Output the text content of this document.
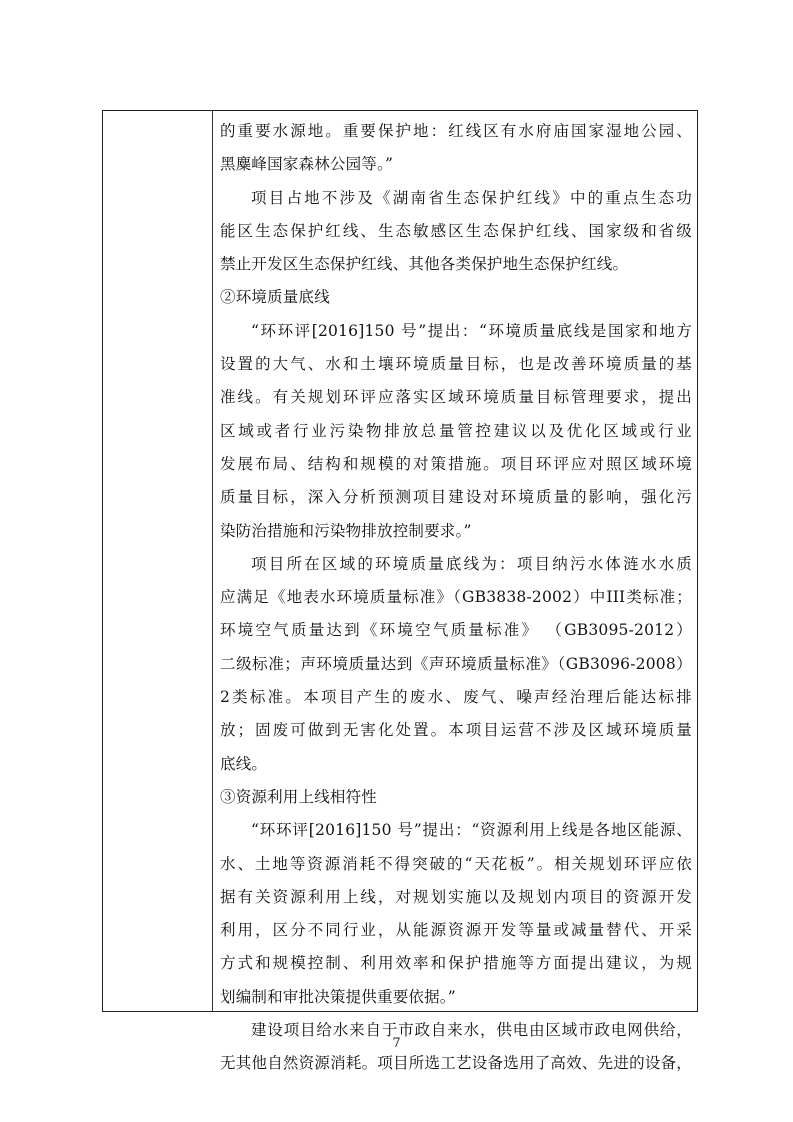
的重要水源地。重要保护地：红线区有水府庙国家湿地公园、
黑麋峰国家森林公园等。”
项目占地不涉及《湖南省生态保护红线》中的重点生态功
能区生态保护红线、生态敏感区生态保护红线、国家级和省级
禁止开发区生态保护红线、其他各类保护地生态保护红线。
②环境质量底线
“环环评[2016]150 号”提出：“环境质量底线是国家和地方
设置的大气、水和土壤环境质量目标，也是改善环境质量的基
准线。有关规划环评应落实区域环境质量目标管理要求，提出
区域或者行业污染物排放总量管控建议以及优化区域或行业
发展布局、结构和规模的对策措施。项目环评应对照区域环境
质量目标，深入分析预测项目建设对环境质量的影响，强化污
染防治措施和污染物排放控制要求。”
项目所在区域的环境质量底线为：项目纳污水体涟水水质
应满足《地表水环境质量标准》（GB3838-2002）中III类标准；
环境空气质量达到《环境空气质量标准》 （GB3095-2012）
二级标准；声环境质量达到《声环境质量标准》（GB3096-2008）
2类标准。本项目产生的废水、废气、噪声经治理后能达标排
放；固废可做到无害化处置。本项目运营不涉及区域环境质量
底线。
③资源利用上线相符性
“环环评[2016]150 号”提出：“资源利用上线是各地区能源、
水、土地等资源消耗不得突破的“天花板”。相关规划环评应依
据有关资源利用上线，对规划实施以及规划内项目的资源开发
利用，区分不同行业，从能源资源开发等量或减量替代、开采
方式和规模控制、利用效率和保护措施等方面提出建议，为规
划编制和审批决策提供重要依据。”
建设项目给水来自于市政自来水，供电由区域市政电网供给，
无其他自然资源消耗。项目所选工艺设备选用了高效、先进的设备，
7
